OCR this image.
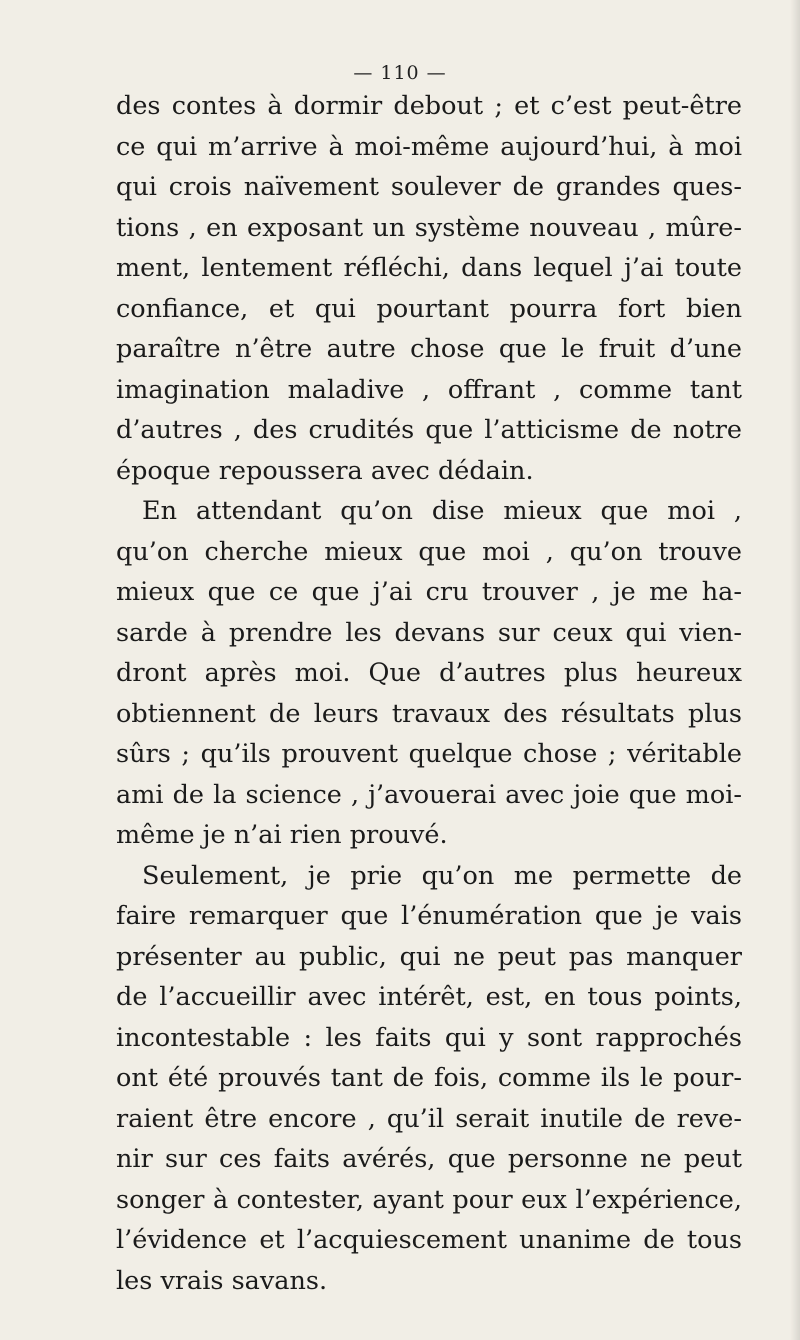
— 110 —
des contes à dormir debout ; et c’est peut-être
ce qui m’arrive à moi-même aujourd’hui, à moi
qui crois naïvement soulever de grandes ques-
tions , en exposant un système nouveau , mûre-
ment, lentement réfléchi, dans lequel j’ai toute
confiance, et qui pourtant pourra fort bien
paraître n’être autre chose que le fruit d’une
imagination maladive , offrant , comme tant
d’autres , des crudités que l’atticisme de notre
époque repoussera avec dédain.
En attendant qu’on dise mieux que moi ,
qu’on cherche mieux que moi , qu’on trouve
mieux que ce que j’ai cru trouver , je me ha-
sarde à prendre les devans sur ceux qui vien-
dront après moi. Que d’autres plus heureux
obtiennent de leurs travaux des résultats plus
sûrs ; qu’ils prouvent quelque chose ; véritable
ami de la science , j’avouerai avec joie que moi-
même je n’ai rien prouvé.
Seulement, je prie qu’on me permette de
faire remarquer que l’énumération que je vais
présenter au public, qui ne peut pas manquer
de l’accueillir avec intérêt, est, en tous points,
incontestable : les faits qui y sont rapprochés
ont été prouvés tant de fois, comme ils le pour-
raient être encore , qu’il serait inutile de reve-
nir sur ces faits avérés, que personne ne peut
songer à contester, ayant pour eux l’expérience,
l’évidence et l’acquiescement unanime de tous
les vrais savans.
